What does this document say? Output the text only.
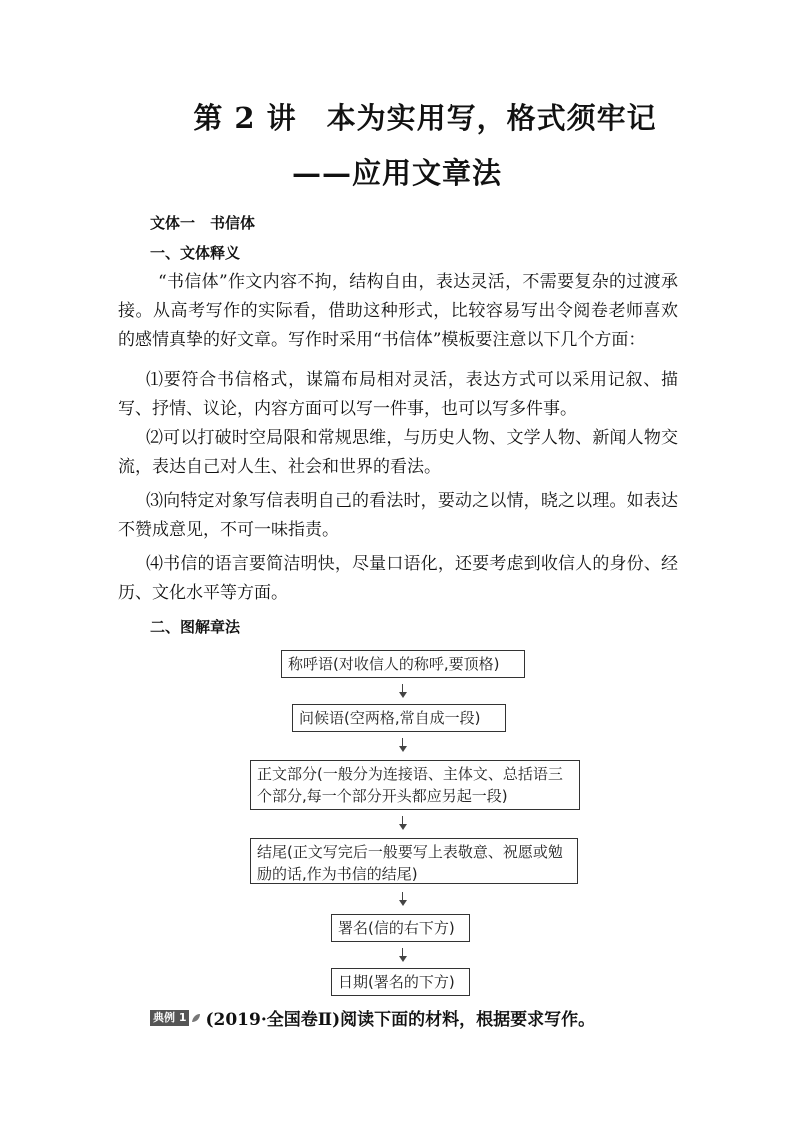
第 2 讲　本为实用写，格式须牢记
——应用文章法
文体一　书信体
一、文体释义
“书信体”作文内容不拘，结构自由，表达灵活，不需要复杂的过渡承接。从高考写作的实际看，借助这种形式，比较容易写出令阅卷老师喜欢的感情真挚的好文章。写作时采用“书信体”模板要注意以下几个方面：
⑴要符合书信格式，谋篇布局相对灵活，表达方式可以采用记叙、描写、抒情、议论，内容方面可以写一件事，也可以写多件事。
⑵可以打破时空局限和常规思维，与历史人物、文学人物、新闻人物交流，表达自己对人生、社会和世界的看法。
⑶向特定对象写信表明自己的看法时，要动之以情，晓之以理。如表达不赞成意见，不可一味指责。
⑷书信的语言要简洁明快，尽量口语化，还要考虑到收信人的身份、经历、文化水平等方面。
二、图解章法
称呼语(对收信人的称呼,要顶格)
问候语(空两格,常自成一段)
正文部分(一般分为连接语、主体文、总括语三个部分,每一个部分开头都应另起一段)
结尾(正文写完后一般要写上表敬意、祝愿或勉励的话,作为书信的结尾)
署名(信的右下方)
日期(署名的下方)
典例 1 (2019·全国卷Ⅱ)阅读下面的材料，根据要求写作。
